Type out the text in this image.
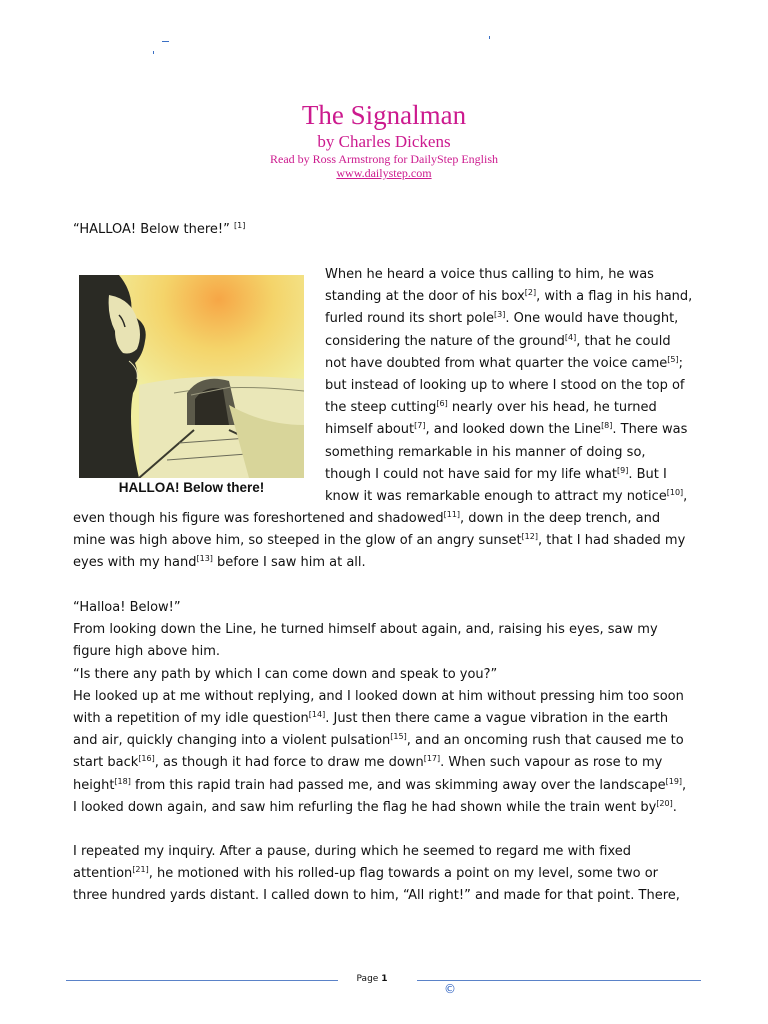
The Signalman
by Charles Dickens
Read by Ross Armstrong for DailyStep English
www.dailystep.com
HALLOA! Below there!
“HALLOA! Below there!” [1]
When he heard a voice thus calling to him, he was
standing at the door of his box[2], with a flag in his hand,
furled round its short pole[3]. One would have thought,
considering the nature of the ground[4], that he could
not have doubted from what quarter the voice came[5];
but instead of looking up to where I stood on the top of
the steep cutting[6] nearly over his head, he turned
himself about[7], and looked down the Line[8]. There was
something remarkable in his manner of doing so,
though I could not have said for my life what[9]. But I
know it was remarkable enough to attract my notice[10],
even though his figure was foreshortened and shadowed[11], down in the deep trench, and
mine was high above him, so steeped in the glow of an angry sunset[12], that I had shaded my
eyes with my hand[13] before I saw him at all.
“Halloa! Below!”
From looking down the Line, he turned himself about again, and, raising his eyes, saw my
figure high above him.
“Is there any path by which I can come down and speak to you?”
He looked up at me without replying, and I looked down at him without pressing him too soon
with a repetition of my idle question[14]. Just then there came a vague vibration in the earth
and air, quickly changing into a violent pulsation[15], and an oncoming rush that caused me to
start back[16], as though it had force to draw me down[17]. When such vapour as rose to my
height[18] from this rapid train had passed me, and was skimming away over the landscape[19],
I looked down again, and saw him refurling the flag he had shown while the train went by[20].
I repeated my inquiry. After a pause, during which he seemed to regard me with fixed
attention[21], he motioned with his rolled-up flag towards a point on my level, some two or
three hundred yards distant. I called down to him, “All right!” and made for that point. There,
Page 1
©
